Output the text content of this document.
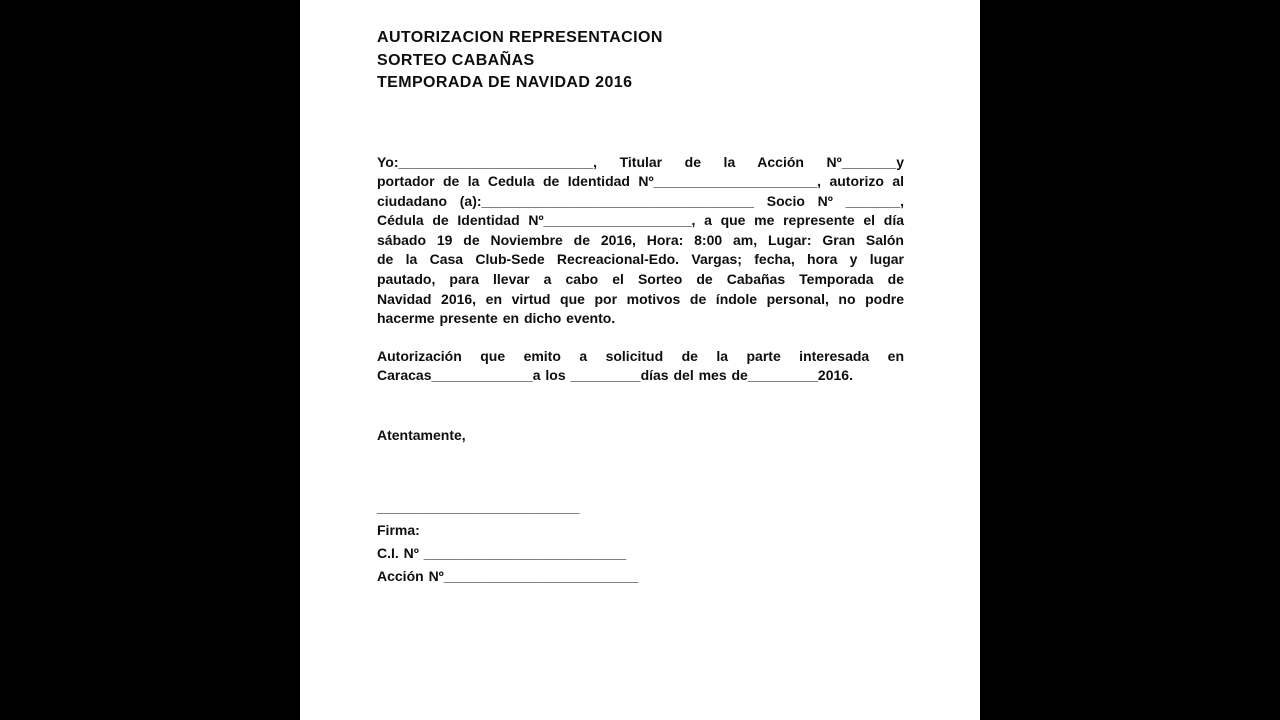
AUTORIZACION REPRESENTACION
SORTEO CABAÑAS
TEMPORADA DE NAVIDAD 2016
Yo:_________________________, Titular de la Acción Nº_______y
portador de la Cedula de Identidad Nº_____________________, autorizo al
ciudadano (a):___________________________________ Socio Nº _______,
Cédula de Identidad Nº___________________, a que me represente el día
sábado 19 de Noviembre de 2016, Hora: 8:00 am, Lugar: Gran Salón
de la Casa Club-Sede Recreacional-Edo. Vargas; fecha, hora y lugar
pautado, para llevar a cabo el Sorteo de Cabañas Temporada de
Navidad 2016, en virtud que por motivos de índole personal, no podre
hacerme presente en dicho evento.
Autorización que emito a solicitud de la parte interesada en
Caracas_____________a los _________días del mes de_________2016.
Atentamente,
__________________________
Firma:
C.I. Nº __________________________
Acción Nº_________________________
